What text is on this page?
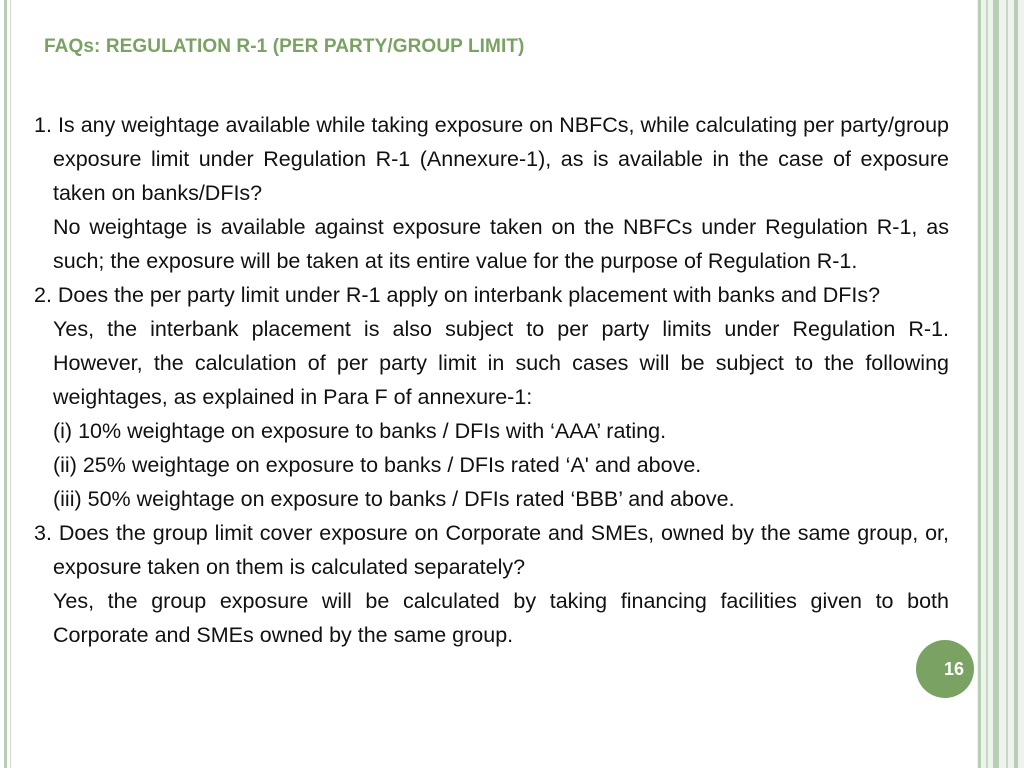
FAQs: REGULATION R-1 (PER PARTY/GROUP LIMIT)

1. Is any weightage available while taking exposure on NBFCs, while calculating per party/group exposure limit under Regulation R-1 (Annexure-1), as is available in the case of exposure taken on banks/DFIs?

No weightage is available against exposure taken on the NBFCs under Regulation R-1, as such; the exposure will be taken at its entire value for the purpose of Regulation R-1.

2. Does the per party limit under R-1 apply on interbank placement with banks and DFIs?

Yes, the interbank placement is also subject to per party limits under Regulation R-1. However, the calculation of per party limit in such cases will be subject to the following weightages, as explained in Para F of annexure-1:

(i) 10% weightage on exposure to banks / DFIs with ‘AAA’ rating.

(ii) 25% weightage on exposure to banks / DFIs rated ‘A' and above.

(iii) 50% weightage on exposure to banks / DFIs rated ‘BBB’ and above.

3. Does the group limit cover exposure on Corporate and SMEs, owned by the same group, or, exposure taken on them is calculated separately?

Yes, the group exposure will be calculated by taking financing facilities given to both Corporate and SMEs owned by the same group.

16
